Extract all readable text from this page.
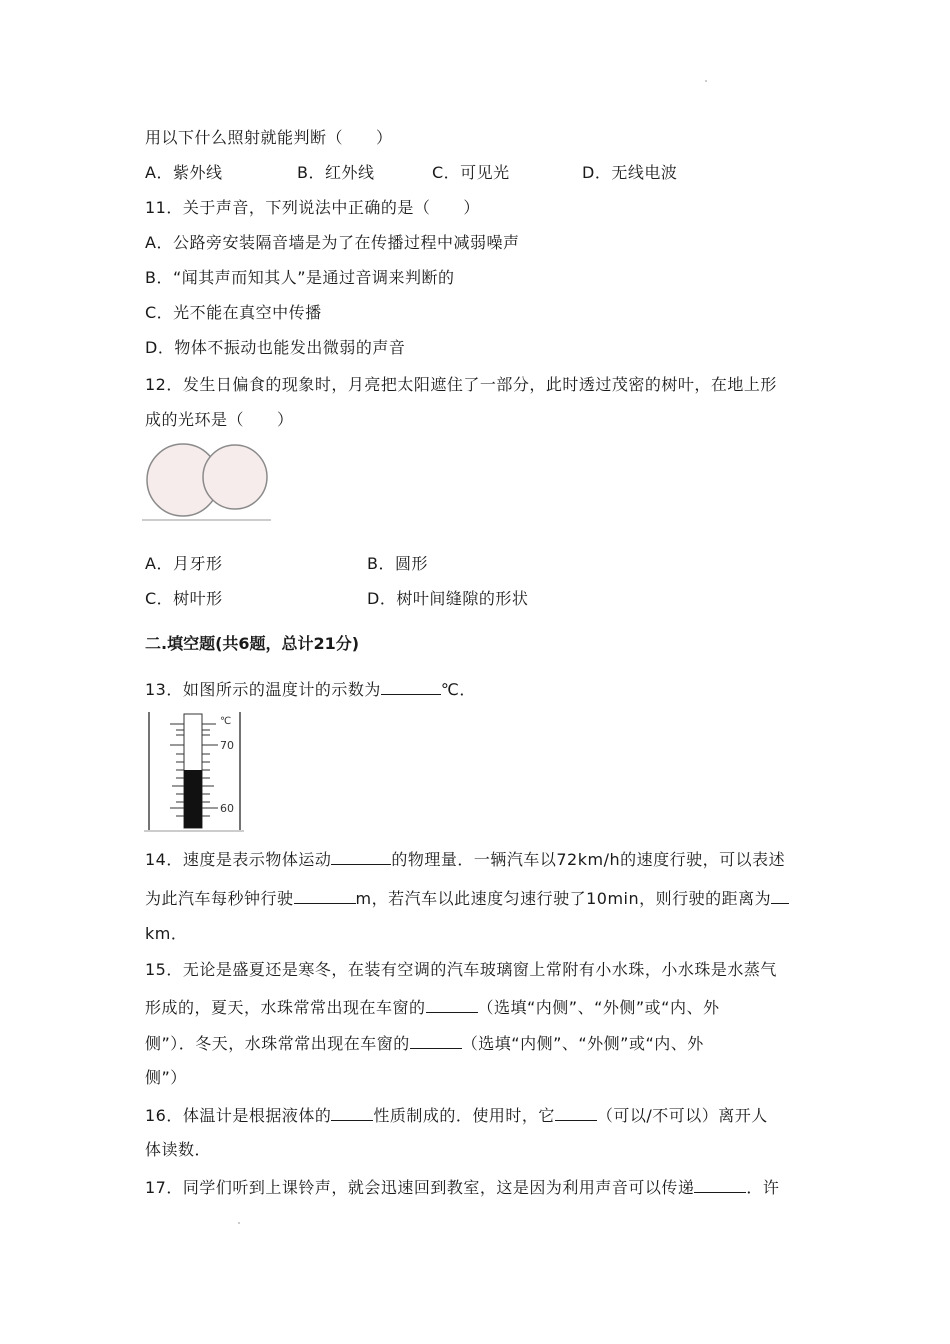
用以下什么照射就能判断（　　）
A．紫外线	B．红外线	C．可见光	D．无线电波
11．关于声音，下列说法中正确的是（　　）
A．公路旁安装隔音墙是为了在传播过程中减弱噪声
B．“闻其声而知其人”是通过音调来判断的
C．光不能在真空中传播
D．物体不振动也能发出微弱的声音
12．发生日偏食的现象时，月亮把太阳遮住了一部分，此时透过茂密的树叶，在地上形
成的光环是（　　）
A．月牙形	B．圆形
C．树叶形	D．树叶间缝隙的形状
二.填空题(共6题，总计21分)
13．如图所示的温度计的示数为	℃．
℃
70
60
14．速度是表示物体运动	的物理量．一辆汽车以72km/h的速度行驶，可以表述
为此汽车每秒钟行驶	m，若汽车以此速度匀速行驶了10min，则行驶的距离为
km．
15．无论是盛夏还是寒冬，在装有空调的汽车玻璃窗上常附有小水珠，小水珠是水蒸气
形成的，夏天，水珠常常出现在车窗的	（选填“内侧”、“外侧”或“内、外
侧”）．冬天，水珠常常出现在车窗的	（选填“内侧”、“外侧”或“内、外
侧”）
16．体温计是根据液体的	性质制成的．使用时，它	（可以/不可以）离开人
体读数．
17．同学们听到上课铃声，就会迅速回到教室，这是因为利用声音可以传递	．许
